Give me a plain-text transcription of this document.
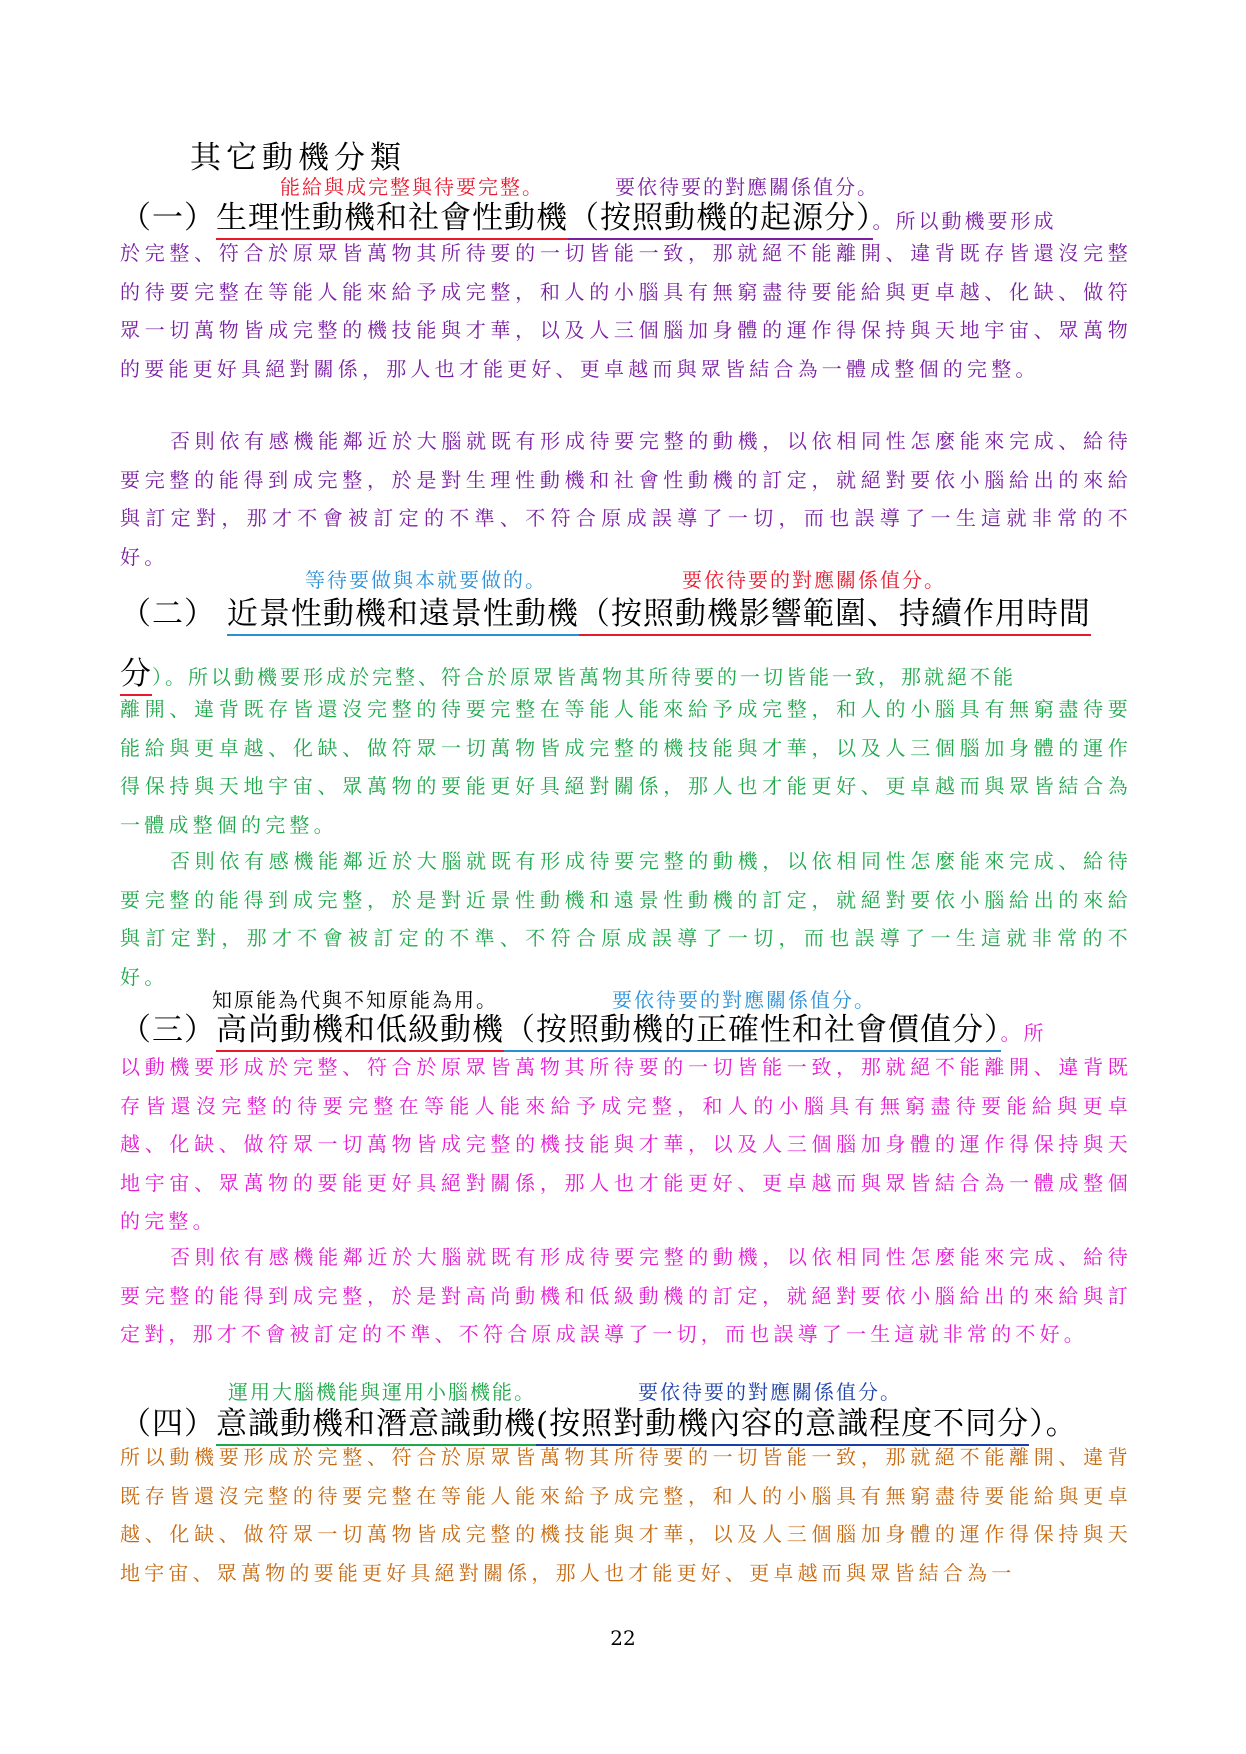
其它動機分類
能給與成完整與待要完整。	要依待要的對應關係值分。
（一）生理性動機和社會性動機（按照動機的起源分）。所以動機要形成

於完整、符合於原眾皆萬物其所待要的一切皆能一致，那就絕不能離開、違背既存皆還沒完整的待要完整在等能人能來給予成完整，和人的小腦具有無窮盡待要能給與更卓越、化缺、做符眾一切萬物皆成完整的機技能與才華，以及人三個腦加身體的運作得保持與天地宇宙、眾萬物的要能更好具絕對關係，那人也才能更好、更卓越而與眾皆結合為一體成整個的完整。

否則依有感機能鄰近於大腦就既有形成待要完整的動機，以依相同性怎麼能來完成、給待要完整的能得到成完整，於是對生理性動機和社會性動機的訂定，就絕對要依小腦給出的來給與訂定對，那才不會被訂定的不準、不符合原成誤導了一切，而也誤導了一生這就非常的不好。

等待要做與本就要做的。	要依待要的對應關係值分。
（二） 近景性動機和遠景性動機（按照動機影響範圍、持續作用時間
分）。所以動機要形成於完整、符合於原眾皆萬物其所待要的一切皆能一致，那就絕不能

離開、違背既存皆還沒完整的待要完整在等能人能來給予成完整，和人的小腦具有無窮盡待要能給與更卓越、化缺、做符眾一切萬物皆成完整的機技能與才華，以及人三個腦加身體的運作得保持與天地宇宙、眾萬物的要能更好具絕對關係，那人也才能更好、更卓越而與眾皆結合為一體成整個的完整。

否則依有感機能鄰近於大腦就既有形成待要完整的動機，以依相同性怎麼能來完成、給待要完整的能得到成完整，於是對近景性動機和遠景性動機的訂定，就絕對要依小腦給出的來給與訂定對，那才不會被訂定的不準、不符合原成誤導了一切，而也誤導了一生這就非常的不好。

知原能為代與不知原能為用。	要依待要的對應關係值分。
（三）高尚動機和低級動機（按照動機的正確性和社會價值分）。所

以動機要形成於完整、符合於原眾皆萬物其所待要的一切皆能一致，那就絕不能離開、違背既存皆還沒完整的待要完整在等能人能來給予成完整，和人的小腦具有無窮盡待要能給與更卓越、化缺、做符眾一切萬物皆成完整的機技能與才華，以及人三個腦加身體的運作得保持與天地宇宙、眾萬物的要能更好具絕對關係，那人也才能更好、更卓越而與眾皆結合為一體成整個的完整。

否則依有感機能鄰近於大腦就既有形成待要完整的動機，以依相同性怎麼能來完成、給待要完整的能得到成完整，於是對高尚動機和低級動機的訂定，就絕對要依小腦給出的來給與訂定對，那才不會被訂定的不準、不符合原成誤導了一切，而也誤導了一生這就非常的不好。

運用大腦機能與運用小腦機能。	要依待要的對應關係值分。
（四）意識動機和潛意識動機(按照對動機內容的意識程度不同分）。

所以動機要形成於完整、符合於原眾皆萬物其所待要的一切皆能一致，那就絕不能離開、違背既存皆還沒完整的待要完整在等能人能來給予成完整，和人的小腦具有無窮盡待要能給與更卓越、化缺、做符眾一切萬物皆成完整的機技能與才華，以及人三個腦加身體的運作得保持與天地宇宙、眾萬物的要能更好具絕對關係，那人也才能更好、更卓越而與眾皆結合為一

22
